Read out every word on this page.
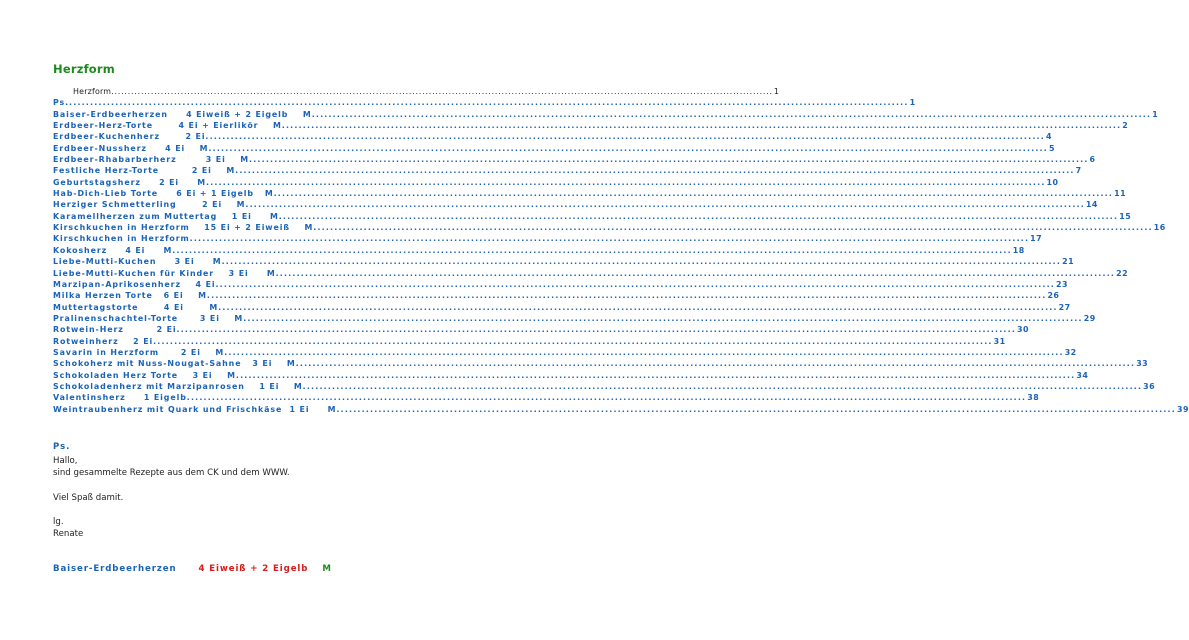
Herzform
Herzform ........................................................................................................................................................................................................ 1
Ps. ........................................................................................................................................................................................................ 1
Baiser-Erdbeerherzen     4 Eiweiß + 2 Eigelb    M ........................................................................................................................................................................................................ 1
Erdbeer-Herz-Torte       4 Ei + Eierlikör    M ........................................................................................................................................................................................................ 2
Erdbeer-Kuchenherz       2 Ei ........................................................................................................................................................................................................ 4
Erdbeer-Nussherz     4 Ei    M ........................................................................................................................................................................................................ 5
Erdbeer-Rhabarberherz        3 Ei    M ........................................................................................................................................................................................................ 6
Festliche Herz-Torte         2 Ei    M ........................................................................................................................................................................................................ 7
Geburtstagsherz     2 Ei     M ........................................................................................................................................................................................................ 10
Hab-Dich-Lieb Torte     6 Ei + 1 Eigelb   M ........................................................................................................................................................................................................ 11
Herziger Schmetterling       2 Ei    M ........................................................................................................................................................................................................ 14
Karamellherzen zum Muttertag    1 Ei     M ........................................................................................................................................................................................................ 15
Kirschkuchen in Herzform    15 Ei + 2 Eiweiß    M ........................................................................................................................................................................................................ 16
Kirschkuchen in Herzform ........................................................................................................................................................................................................ 17
Kokosherz     4 Ei     M ........................................................................................................................................................................................................ 18
Liebe-Mutti-Kuchen     3 Ei     M ........................................................................................................................................................................................................ 21
Liebe-Mutti-Kuchen für Kinder    3 Ei     M ........................................................................................................................................................................................................ 22
Marzipan-Aprikosenherz    4 Ei ........................................................................................................................................................................................................ 23
Milka Herzen Torte   6 Ei    M ........................................................................................................................................................................................................ 26
Muttertagstorte       4 Ei       M ........................................................................................................................................................................................................ 27
Pralinenschachtel-Torte      3 Ei    M ........................................................................................................................................................................................................ 29
Rotwein-Herz         2 Ei ........................................................................................................................................................................................................ 30
Rotweinherz    2 Ei ........................................................................................................................................................................................................ 31
Savarin in Herzform      2 Ei    M ........................................................................................................................................................................................................ 32
Schokoherz mit Nuss-Nougat-Sahne   3 Ei    M ........................................................................................................................................................................................................ 33
Schokoladen Herz Torte    3 Ei    M ........................................................................................................................................................................................................ 34
Schokoladenherz mit Marzipanrosen    1 Ei    M ........................................................................................................................................................................................................ 36
Valentinsherz     1 Eigelb ........................................................................................................................................................................................................ 38
Weintraubenherz mit Quark und Frischkäse  1 Ei     M ........................................................................................................................................................................................................ 39
Ps.
Hallo,
sind gesammelte Rezepte aus dem CK und dem WWW.
Viel Spaß damit.
lg.
Renate
Baiser-Erdbeerherzen	4 Eiweiß + 2 Eigelb M
